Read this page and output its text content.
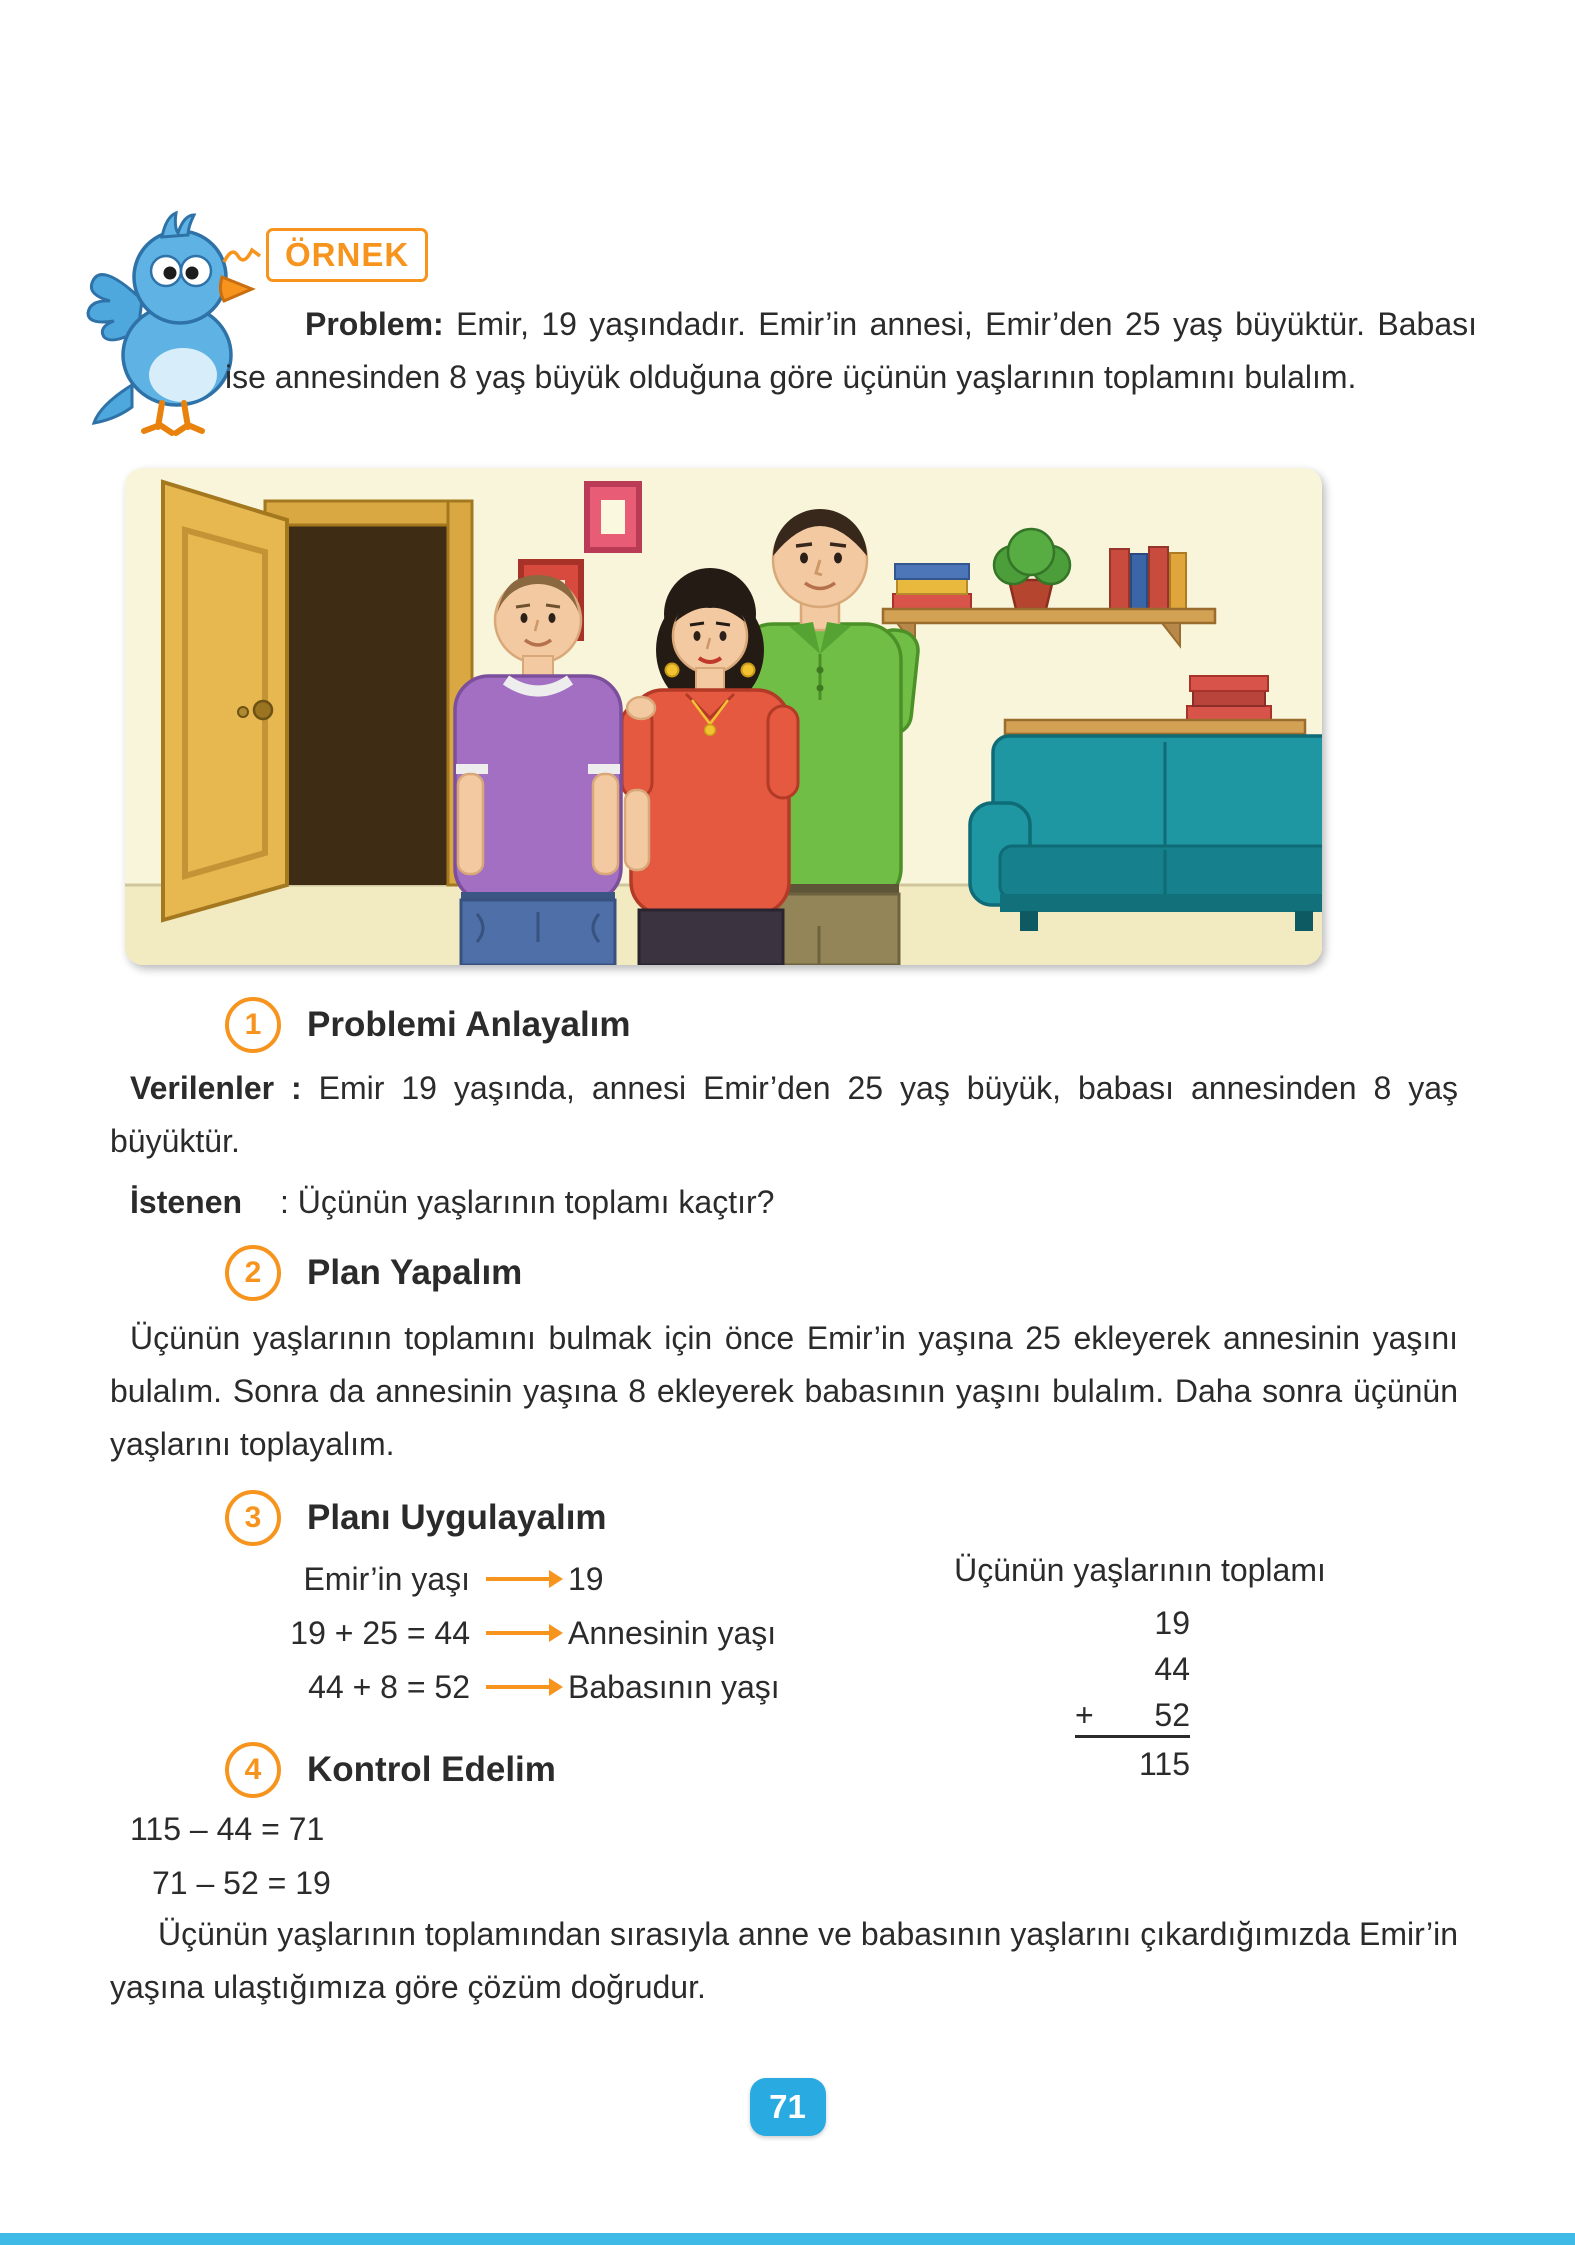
ÖRNEK

Problem: Emir, 19 yaşındadır. Emir’in annesi, Emir’den 25 yaş büyüktür. Babası ise annesinden 8 yaş büyük olduğuna göre üçünün yaşlarının toplamını bulalım.

1	Problemi Anlayalım

Verilenler : Emir 19 yaşında, annesi Emir’den 25 yaş büyük, babası annesinden 8 yaş büyüktür.

İstenen : Üçünün yaşlarının toplamı kaçtır?

2	Plan Yapalım

Üçünün yaşlarının toplamını bulmak için önce Emir’in yaşına 25 ekleyerek annesinin yaşını bulalım. Sonra da annesinin yaşına 8 ekleyerek babasının yaşını bulalım. Daha sonra üçünün yaşlarını toplayalım.

3	Planı Uygulayalım
Emir’in yaşı	19
19 + 25 = 44	Annesinin yaşı
44 + 8 = 52	Babasının yaşı
Üçünün yaşlarının toplamı
19
44
+ 52
115
4	Kontrol Edelim
115 – 44 = 71
71 – 52 = 19

Üçünün yaşlarının toplamından sırasıyla anne ve babasının yaşlarını çıkardığımızda Emir’in yaşına ulaştığımıza göre çözüm doğrudur.

71
